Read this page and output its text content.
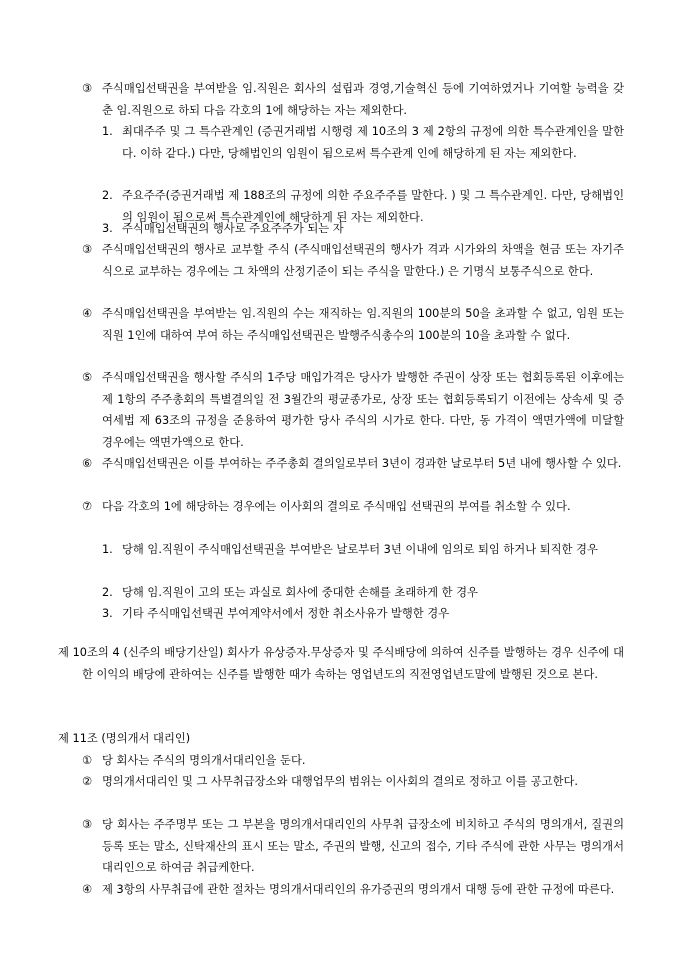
③ 주식매입선택권을 부여받을 임.직원은 회사의 설립과 경영,기술혁신 등에 기여하였거나 기여할 능력을 갖춘 임.직원으로 하되 다음 각호의 1에 해당하는 자는 제외한다.
1. 최대주주 및 그 특수관계인 (증권거래법 시행령 제 10조의 3 제 2항의 규정에 의한 특수관계인을 말한다. 이하 같다.) 다만, 당해법인의 임원이 됨으로써 특수관계 인에 해당하게 된 자는 제외한다.
2. 주요주주(증권거래법 제 188조의 규정에 의한 주요주주를 말한다. ) 및 그 특수관계인. 다만, 당해법인의 임원이 됨으로써 특수관계인에 해당하게 된 자는 제외한다.
3. 주식매입선택권의 행사로 주요주주가 되는 자
③ 주식매입선택권의 행사로 교부할 주식 (주식매입선택권의 행사가 격과 시가와의 차액을 현금 또는 자기주식으로 교부하는 경우에는 그 차액의 산정기준이 되는 주식을 말한다.) 은 기명식 보통주식으로 한다.
④ 주식매입선택권을 부여받는 임.직원의 수는 재직하는 임.직원의 100분의 50을 초과할 수 없고, 임원 또는 직원 1인에 대하여 부여 하는 주식매입선택권은 발행주식총수의 100분의 10을 초과할 수 없다.
⑤ 주식매입선택권을 행사할 주식의 1주당 매입가격은 당사가 발행한 주권이 상장 또는 협회등록된 이후에는 제 1항의 주주총회의 특별결의일 전 3월간의 평균종가로, 상장 또는 협회등록되기 이전에는 상속세 및 증여세법 제 63조의 규정을 준용하여 평가한 당사 주식의 시가로 한다. 다만, 동 가격이 액면가액에 미달할 경우에는 액면가액으로 한다.
⑥ 주식매입선택권은 이를 부여하는 주주총회 결의일로부터 3년이 경과한 날로부터 5년 내에 행사할 수 있다.
⑦ 다음 각호의 1에 해당하는 경우에는 이사회의 결의로 주식매입 선택권의 부여를 취소할 수 있다.
1. 당해 임.직원이 주식매입선택권을 부여받은 날로부터 3년 이내에 임의로 퇴임 하거나 퇴직한 경우
2. 당해 임.직원이 고의 또는 과실로 회사에 중대한 손해를 초래하게 한 경우
3. 기타 주식매입선택권 부여계약서에서 정한 취소사유가 발행한 경우
제 10조의 4 (신주의 배당기산일) 회사가 유상증자.무상증자 및 주식배당에 의하여 신주를 발행하는 경우 신주에 대한 이익의 배당에 관하여는 신주를 발행한 때가 속하는 영업년도의 직전영업년도말에 발행된 것으로 본다.
제 11조 (명의개서 대리인)
① 당 회사는 주식의 명의개서대리인을 둔다.
② 명의개서대리인 및 그 사무취급장소와 대행업무의 범위는 이사회의 결의로 정하고 이를 공고한다.
③ 당 회사는 주주명부 또는 그 부본을 명의개서대리인의 사무취 급장소에 비치하고 주식의 명의개서, 질권의 등록 또는 말소, 신탁재산의 표시 또는 말소, 주권의 발행, 신고의 접수, 기타 주식에 관한 사무는 명의개서대리인으로 하여금 취급케한다.
④ 제 3항의 사무취급에 관한 절차는 명의개서대리인의 유가증권의 명의개서 대행 등에 관한 규정에 따른다.
